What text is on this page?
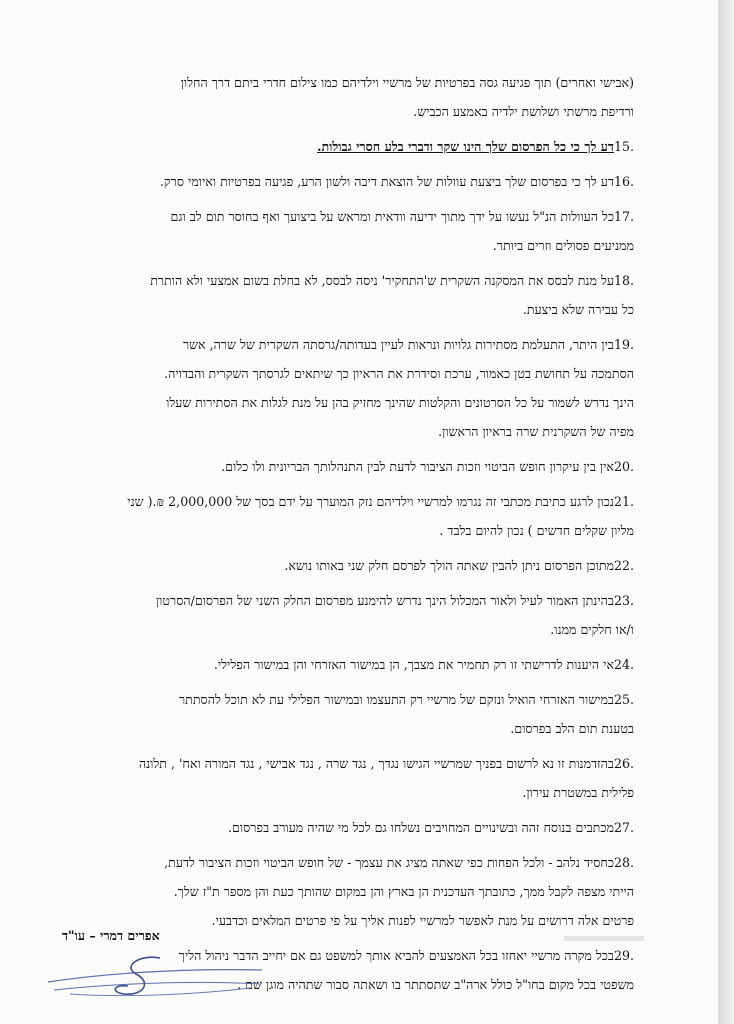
(אבישי ואחרים) תוך פגיעה גסה בפרטיות של מרשיי וילדיהם כמו צילום חדרי ביתם דרך החלון
ורדיפת מרשתי ושלושת ילדיה באמצע הכביש.
15.דע לך כי כל הפרסום שלך הינו שקר ודברי בלע חסרי גבולות.
16.דע לך כי בפרסום שלך ביצעת עוולות של הוצאת דיבה ולשון הרע, פגיעה בפרטיות ואיומי סרק.
17.כל העוולות הנ"ל נעשו על ידך מתוך ידיעה וודאית ומראש על ביצועך ואף בחוסר תום לב וגם
ממניעים פסולים וזרים ביותר.
18.על מנת לבסס את המסקנה השקרית ש'התחקיר' ניסה לבסס, לא בחלת בשום אמצעי ולא הותרת
כל עבירה שלא ביצעת.
19.בין היתר, התעלמת מסתירות גלויות ונראות לעיין בעדותה/גרסתה השקרית של שרה, אשר
הסתמכה על תחושת בטן כאמור, ערכת וסידרת את הראיון כך שיתאים לגרסתך השקרית והבדויה.
הינך נדרש לשמור על כל הסרטונים והקלטות שהינך מחזיק בהן על מנת לגלות את הסתירות שעלו
מפיה של השקרנית שרה בראיון הראשון.
20.אין בין עיקרון חופש הביטוי וזכות הציבור לדעת לבין התנהלותך הבריונית ולו כלום.
21.נכון לרגע כתיבת מכתבי זה נגרמו למרשיי וילדיהם נזק המוערך על ידם בסך של 2,000,000 ₪.( שני
מליון שקלים חדשים ) נכון להיום בלבד .
22.מתוכן הפרסום ניתן להבין שאתה הולך לפרסם חלק שני באותו נושא.
23.בהינתן האמור לעיל ולאור המכלול הינך נדרש להימנע מפרסום החלק השני של הפרסום/הסרטון
ו/או חלקים ממנו.
24.אי היענות לדרישתי זו רק תחמיר את מצבך, הן במישור האזרחי והן במישור הפלילי.
25.במישור האזרחי הואיל ונזקם של מרשיי רק התעצמו ובמישור הפלילי עת לא תוכל להסתתר
בטענת תום הלב בפרסום.
26.בהזדמנות זו נא לרשום בפניך שמרשיי הגישו נגדך , נגד שרה , נגד אבישי , נגד המורה ואח' , תלונה
פלילית במשטרת עירון.
27.מכתבים בנוסח זהה ובשינויים המחויבים נשלחו גם לכל מי שהיה מעורב בפרסום.
28.כחסיד נלהב - ולכל הפחות כפי שאתה מציג את עצמך - של חופש הביטוי וזכות הציבור לדעת,
הייתי מצפה לקבל ממך, כתובתך העדכנית הן בארץ והן במקום שהותך כעת והן מספר ת"ז שלך.
פרטים אלה דרושים על מנת לאפשר למרשיי לפנות אליך על פי פרטים המלאים וכדבעי.
29.בכל מקרה מרשיי יאחזו בכל האמצעים להביא אותך למשפט גם אם יחייב הדבר ניהול הליך
משפטי בכל מקום בחו"ל כולל ארה"ב שתסתתר בו ושאתה סבור שתהיה מוגן שם .
אפרים דמרי – עו"ד
